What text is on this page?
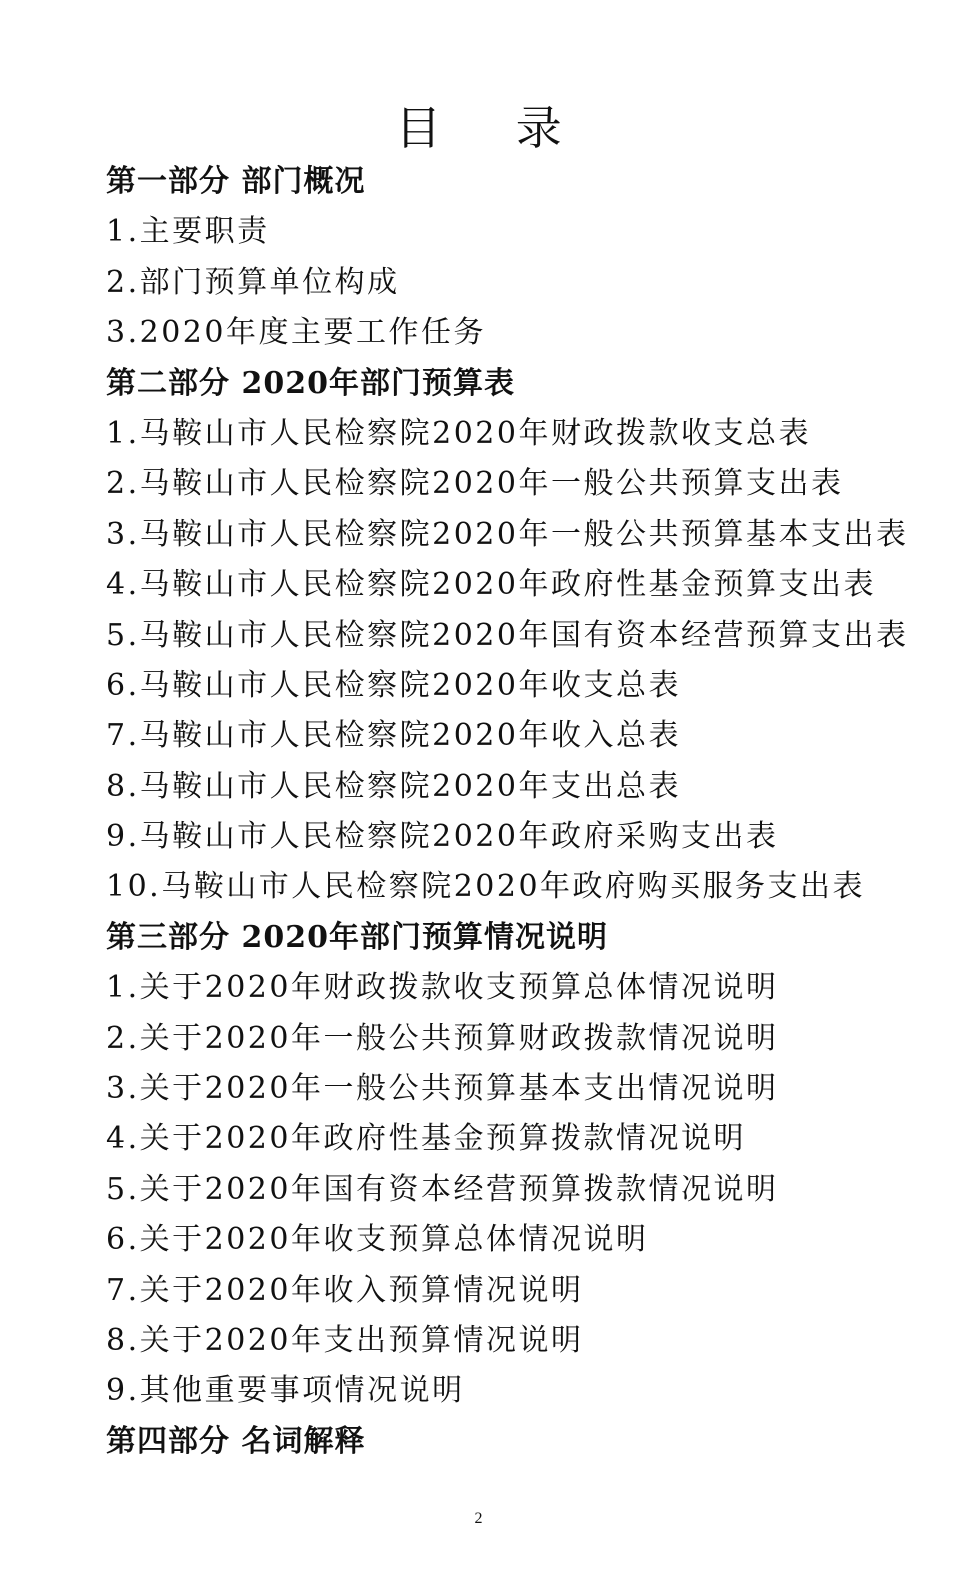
目 录
第一部分 部门概况
1.主要职责
2.部门预算单位构成
3.2020年度主要工作任务
第二部分 2020年部门预算表
1.马鞍山市人民检察院2020年财政拨款收支总表
2.马鞍山市人民检察院2020年一般公共预算支出表
3.马鞍山市人民检察院2020年一般公共预算基本支出表
4.马鞍山市人民检察院2020年政府性基金预算支出表
5.马鞍山市人民检察院2020年国有资本经营预算支出表
6.马鞍山市人民检察院2020年收支总表
7.马鞍山市人民检察院2020年收入总表
8.马鞍山市人民检察院2020年支出总表
9.马鞍山市人民检察院2020年政府采购支出表
10.马鞍山市人民检察院2020年政府购买服务支出表
第三部分 2020年部门预算情况说明
1.关于2020年财政拨款收支预算总体情况说明
2.关于2020年一般公共预算财政拨款情况说明
3.关于2020年一般公共预算基本支出情况说明
4.关于2020年政府性基金预算拨款情况说明
5.关于2020年国有资本经营预算拨款情况说明
6.关于2020年收支预算总体情况说明
7.关于2020年收入预算情况说明
8.关于2020年支出预算情况说明
9.其他重要事项情况说明
第四部分 名词解释
2
